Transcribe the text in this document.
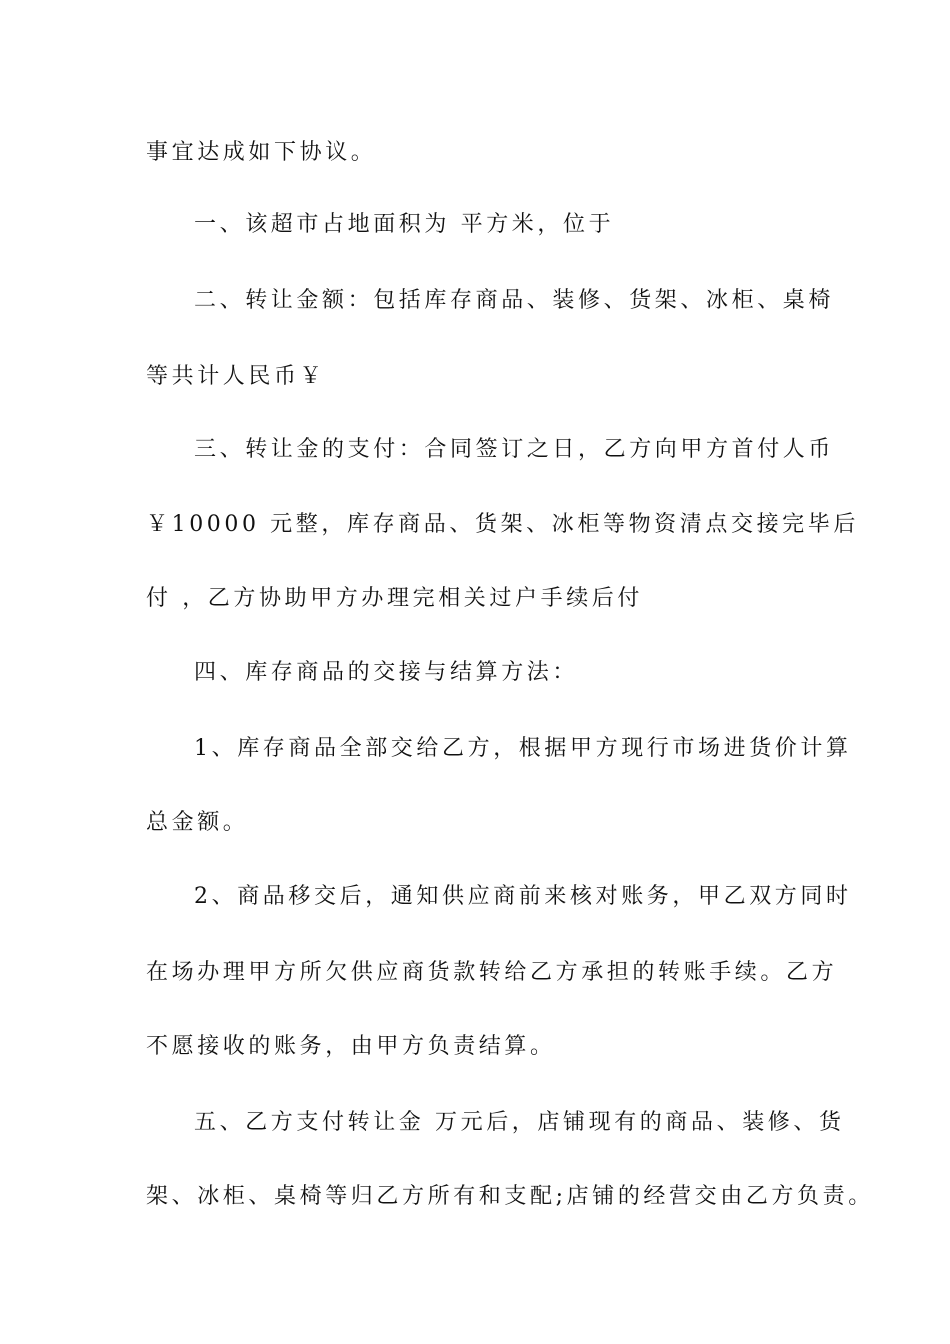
事宜达成如下协议。
一、该超市占地面积为 平方米，位于
二、转让金额：包括库存商品、装修、货架、冰柜、桌椅
等共计人民币￥
三、转让金的支付：合同签订之日，乙方向甲方首付人币
￥10000 元整，库存商品、货架、冰柜等物资清点交接完毕后
付 ，乙方协助甲方办理完相关过户手续后付
四、库存商品的交接与结算方法：
1、库存商品全部交给乙方，根据甲方现行市场进货价计算
总金额。
2、商品移交后，通知供应商前来核对账务，甲乙双方同时
在场办理甲方所欠供应商货款转给乙方承担的转账手续。乙方
不愿接收的账务，由甲方负责结算。
五、乙方支付转让金 万元后，店铺现有的商品、装修、货
架、冰柜、桌椅等归乙方所有和支配;店铺的经营交由乙方负责。
